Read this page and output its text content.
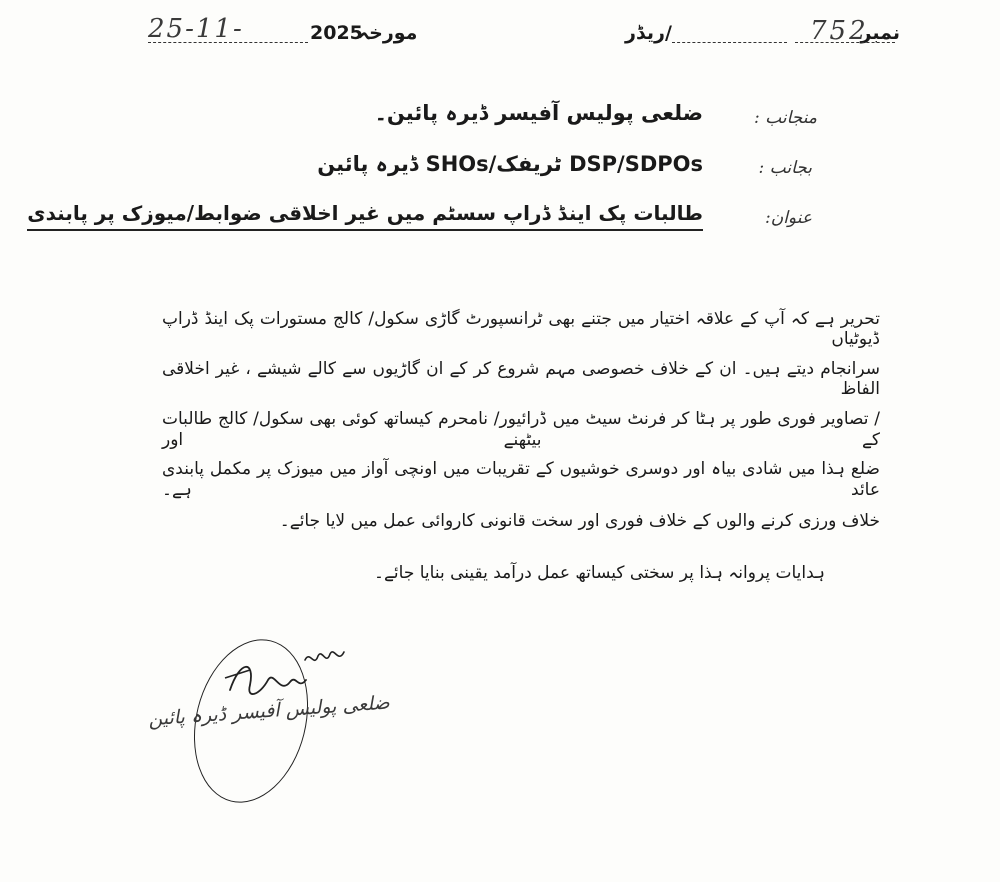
نمبر
752
/ریڈر
مورخہ
2025
25-11-
منجانب :
ضلعی پولیس آفیسر ڈیرہ پائین۔
بجانب :
DSP/SDPOs ٹریفک/SHOs ڈیرہ پائین
عنوان:
طالبات پک اینڈ ڈراپ سسٹم میں غیر اخلاقی ضوابط/میوزک پر پابندی
تحریر ہے کہ آپ کے علاقہ اختیار میں جتنے بھی ٹرانسپورٹ گاڑی سکول/ کالج مستورات پک اینڈ ڈراپ ڈیوٹیاں
سرانجام دیتے ہیں۔ ان کے خلاف خصوصی مہم شروع کر کے ان گاڑیوں سے کالے شیشے ، غیر اخلاقی الفاظ
/ تصاویر فوری طور پر ہٹا کر فرنٹ سیٹ میں ڈرائیور/ نامحرم کیساتھ کوئی بھی سکول/ کالج طالبات کے بیٹھنے اور
ضلع ہذا میں شادی بیاہ اور دوسری خوشیوں کے تقریبات میں اونچی آواز میں میوزک پر مکمل پابندی عائد ہے۔
خلاف ورزی کرنے والوں کے خلاف فوری اور سخت قانونی کاروائی عمل میں لایا جائے۔
ہدایات پروانہ ہذا پر سختی کیساتھ عمل درآمد یقینی بنایا جائے۔
ضلعی پولیس آفیسر ڈیرہ پائین
